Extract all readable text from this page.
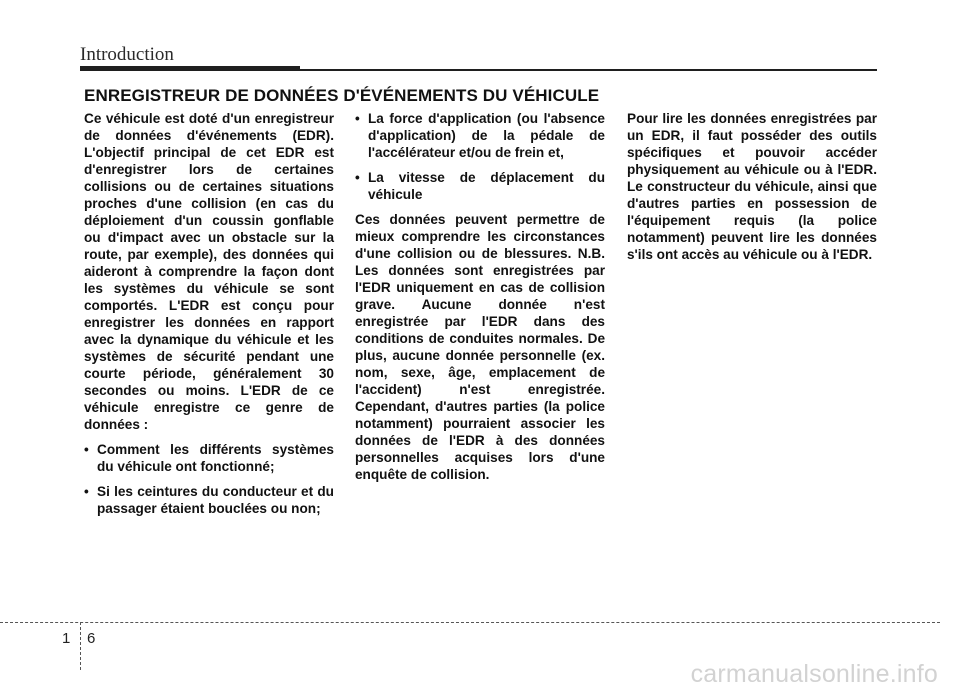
Introduction
ENREGISTREUR DE DONNÉES D'ÉVÉNEMENTS DU VÉHICULE

Ce véhicule est doté d'un enregistreur de données d'événements (EDR). L'objectif principal de cet EDR est d'enregistrer lors de certaines collisions ou de certaines situations proches d'une collision (en cas du déploiement d'un coussin gonflable ou d'impact avec un obstacle sur la route, par exemple), des données qui aideront à comprendre la façon dont les systèmes du véhicule se sont comportés. L'EDR est conçu pour enregistrer les données en rapport avec la dynamique du véhicule et les systèmes de sécurité pendant une courte période, généralement 30 secondes ou moins. L'EDR de ce véhicule enregistre ce genre de données :

• Comment les différents systèmes du véhicule ont fonctionné;
• Si les ceintures du conducteur et du passager étaient bouclées ou non;
• La force d'application (ou l'absence d'application) de la pédale de l'accélérateur et/ou de frein et,
• La vitesse de déplacement du véhicule

Ces données peuvent permettre de mieux comprendre les circonstances d'une collision ou de blessures. N.B. Les données sont enregistrées par l'EDR uniquement en cas de collision grave. Aucune donnée n'est enregistrée par l'EDR dans des conditions de conduites normales. De plus, aucune donnée personnelle (ex. nom, sexe, âge, emplacement de l'accident) n'est enregistrée. Cependant, d'autres parties (la police notamment) pourraient associer les données de l'EDR à des données personnelles acquises lors d'une enquête de collision.

Pour lire les données enregistrées par un EDR, il faut posséder des outils spécifiques et pouvoir accéder physiquement au véhicule ou à l'EDR. Le constructeur du véhicule, ainsi que d'autres parties en possession de l'équipement requis (la police notamment) peuvent lire les données s'ils ont accès au véhicule ou à l'EDR.

1 6
carmanualsonline.info
